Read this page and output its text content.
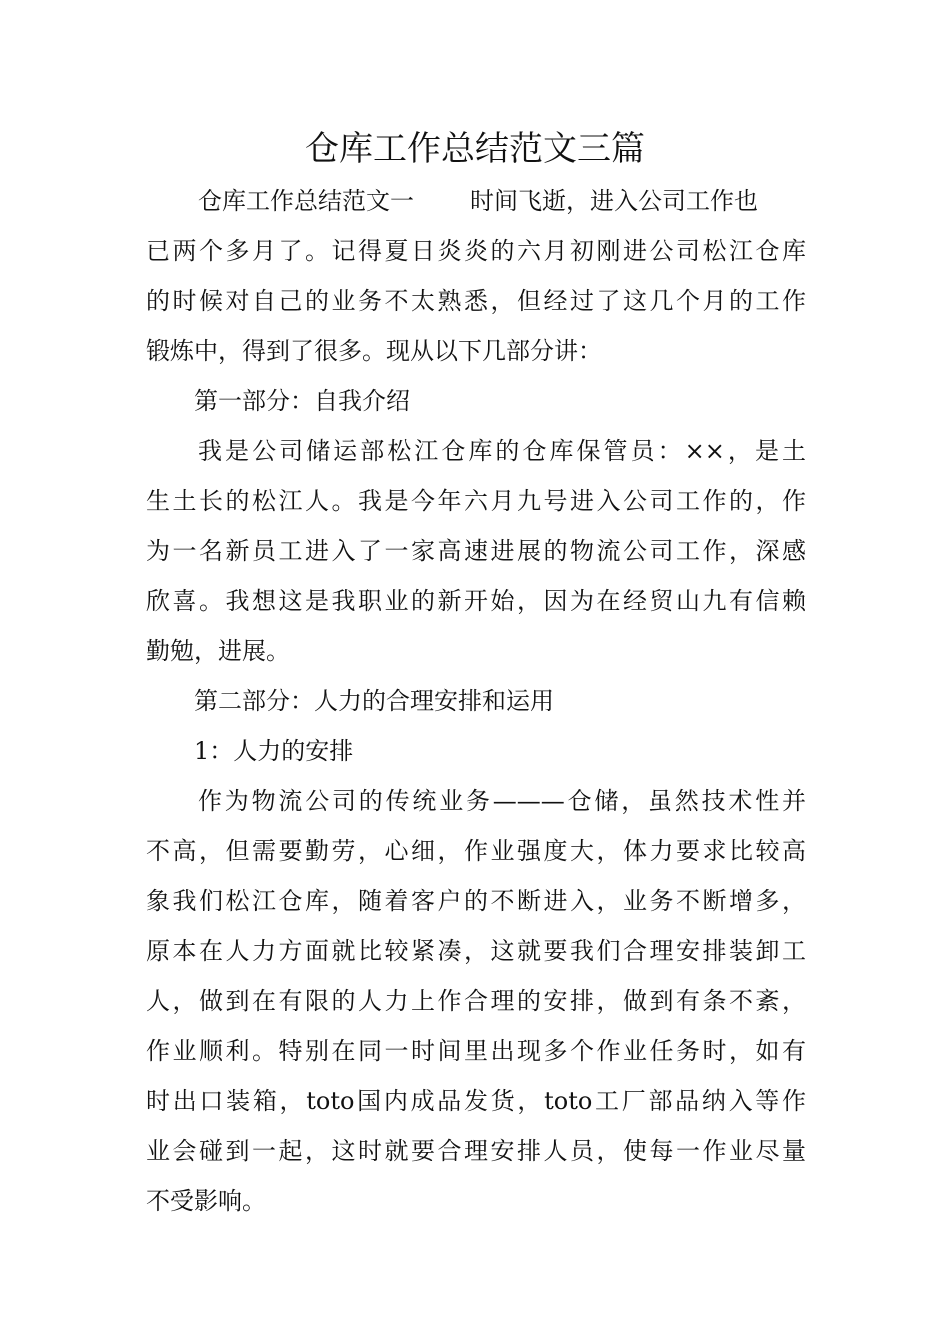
仓库工作总结范文三篇
仓库工作总结范文一 时间飞逝，进入公司工作也
已两个多月了。记得夏日炎炎的六月初刚进公司松江仓库
的时候对自己的业务不太熟悉，但经过了这几个月的工作
锻炼中，得到了很多。现从以下几部分讲：
第一部分：自我介绍
我是公司储运部松江仓库的仓库保管员：××，是土
生土长的松江人。我是今年六月九号进入公司工作的，作
为一名新员工进入了一家高速进展的物流公司工作，深感
欣喜。我想这是我职业的新开始，因为在经贸山九有信赖
勤勉，进展。
第二部分：人力的合理安排和运用
1：人力的安排
作为物流公司的传统业务———仓储，虽然技术性并
不高，但需要勤劳，心细，作业强度大，体力要求比较高
象我们松江仓库，随着客户的不断进入，业务不断增多，
原本在人力方面就比较紧凑，这就要我们合理安排装卸工
人，做到在有限的人力上作合理的安排，做到有条不紊，
作业顺利。特别在同一时间里出现多个作业任务时，如有
时出口装箱，toto国内成品发货，toto工厂部品纳入等作
业会碰到一起，这时就要合理安排人员，使每一作业尽量
不受影响。
